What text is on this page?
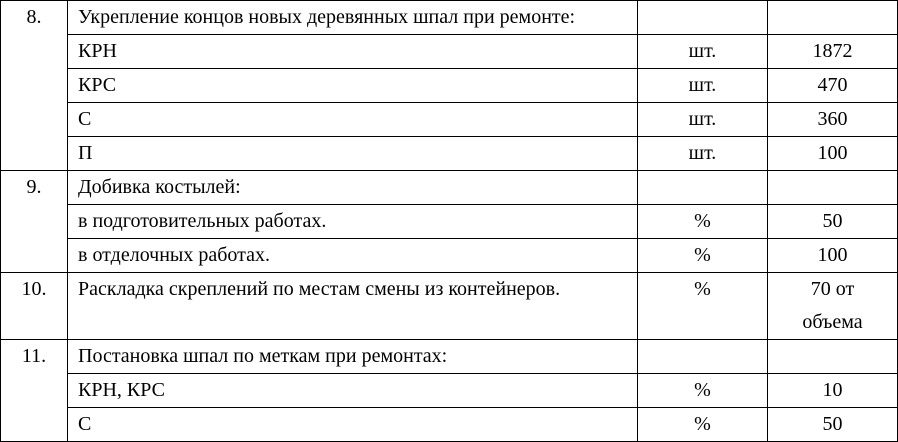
8.	Укрепление концов новых деревянных шпал при ремонте:		
	КРН	шт.	1872
	КРС	шт.	470
	С	шт.	360
	П	шт.	100
9.	Добивка костылей:		
	в подготовительных работах.	%	50
	в отделочных работах.	%	100
10.	Раскладка скреплений по местам смены из контейнеров.	%	70 от
объема

11.	Постановка шпал по меткам при ремонтах:		
	КРН, КРС	%	10
	С	%	50
